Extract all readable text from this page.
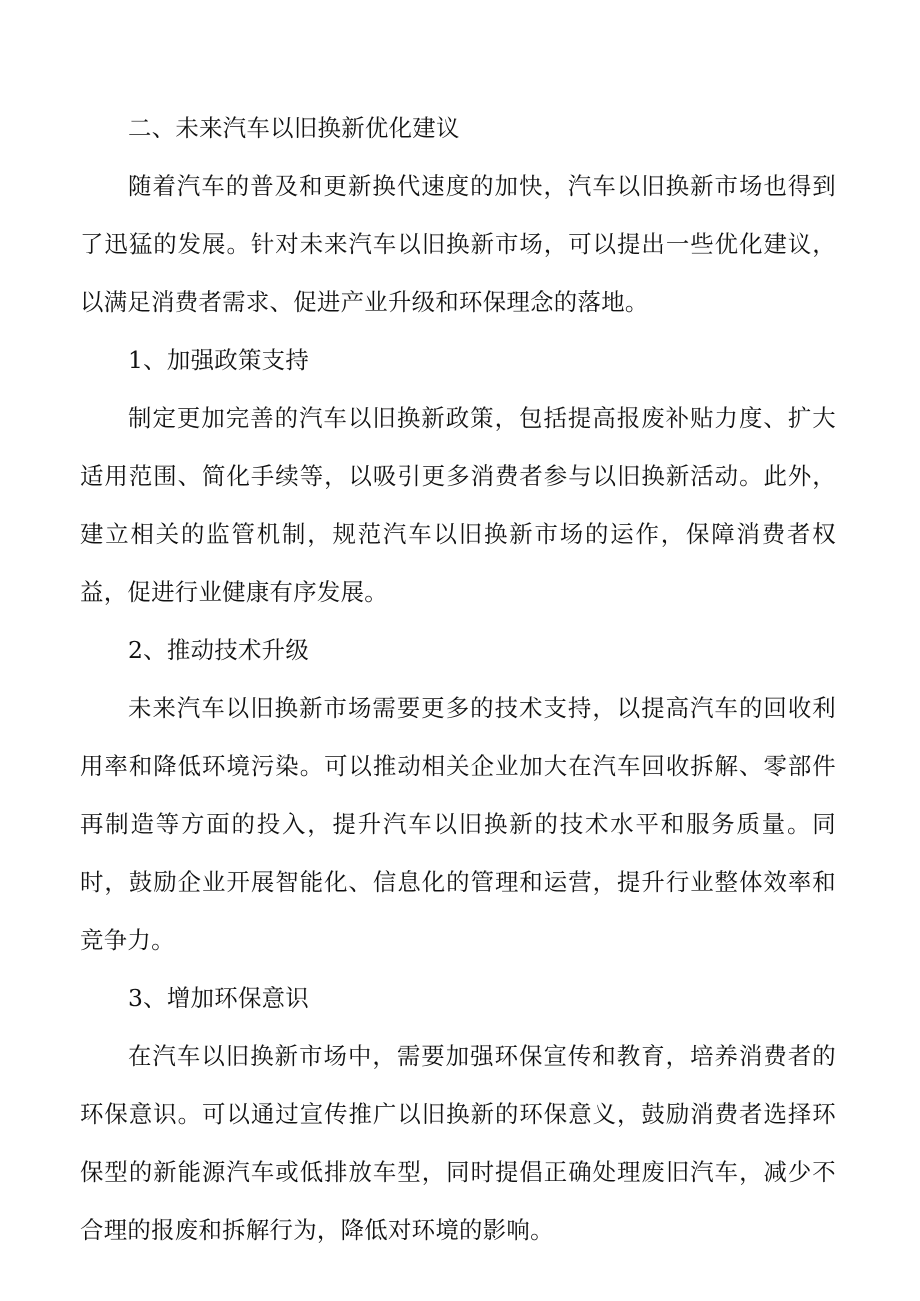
二、未来汽车以旧换新优化建议

随着汽车的普及和更新换代速度的加快，汽车以旧换新市场也得到了迅猛的发展。针对未来汽车以旧换新市场，可以提出一些优化建议，以满足消费者需求、促进产业升级和环保理念的落地。

1、加强政策支持

制定更加完善的汽车以旧换新政策，包括提高报废补贴力度、扩大适用范围、简化手续等，以吸引更多消费者参与以旧换新活动。此外，建立相关的监管机制，规范汽车以旧换新市场的运作，保障消费者权益，促进行业健康有序发展。

2、推动技术升级

未来汽车以旧换新市场需要更多的技术支持，以提高汽车的回收利用率和降低环境污染。可以推动相关企业加大在汽车回收拆解、零部件再制造等方面的投入，提升汽车以旧换新的技术水平和服务质量。同时，鼓励企业开展智能化、信息化的管理和运营，提升行业整体效率和竞争力。

3、增加环保意识

在汽车以旧换新市场中，需要加强环保宣传和教育，培养消费者的环保意识。可以通过宣传推广以旧换新的环保意义，鼓励消费者选择环保型的新能源汽车或低排放车型，同时提倡正确处理废旧汽车，减少不合理的报废和拆解行为，降低对环境的影响。
